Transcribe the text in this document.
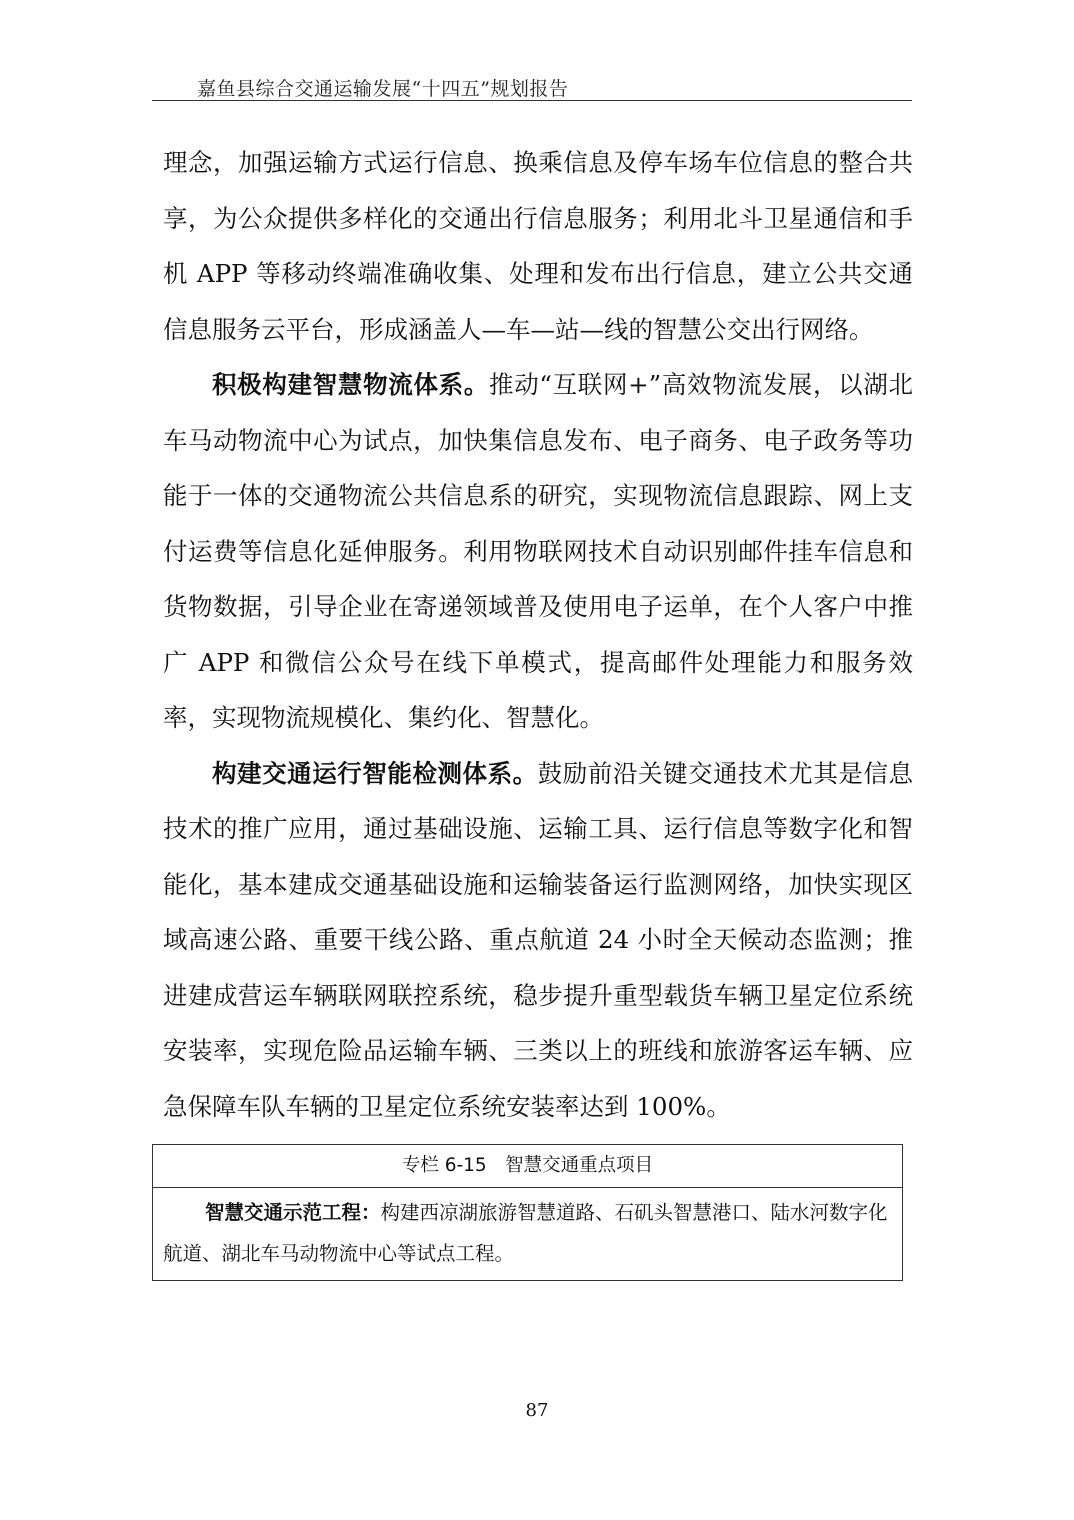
嘉鱼县综合交通运输发展“十四五”规划报告

理念，加强运输方式运行信息、换乘信息及停车场车位信息的整合共享，为公众提供多样化的交通出行信息服务；利用北斗卫星通信和手机 APP 等移动终端准确收集、处理和发布出行信息，建立公共交通信息服务云平台，形成涵盖人—车—站—线的智慧公交出行网络。

积极构建智慧物流体系。推动“互联网+”高效物流发展，以湖北车马动物流中心为试点，加快集信息发布、电子商务、电子政务等功能于一体的交通物流公共信息系的研究，实现物流信息跟踪、网上支付运费等信息化延伸服务。利用物联网技术自动识别邮件挂车信息和货物数据，引导企业在寄递领域普及使用电子运单，在个人客户中推广 APP 和微信公众号在线下单模式，提高邮件处理能力和服务效率，实现物流规模化、集约化、智慧化。

构建交通运行智能检测体系。鼓励前沿关键交通技术尤其是信息技术的推广应用，通过基础设施、运输工具、运行信息等数字化和智能化，基本建成交通基础设施和运输装备运行监测网络，加快实现区域高速公路、重要干线公路、重点航道 24 小时全天候动态监测；推进建成营运车辆联网联控系统，稳步提升重型载货车辆卫星定位系统安装率，实现危险品运输车辆、三类以上的班线和旅游客运车辆、应急保障车队车辆的卫星定位系统安装率达到 100%。

专栏 6-15　智慧交通重点项目
智慧交通示范工程：构建西凉湖旅游智慧道路、石矶头智慧港口、陆水河数字化航道、湖北车马动物流中心等试点工程。
87
